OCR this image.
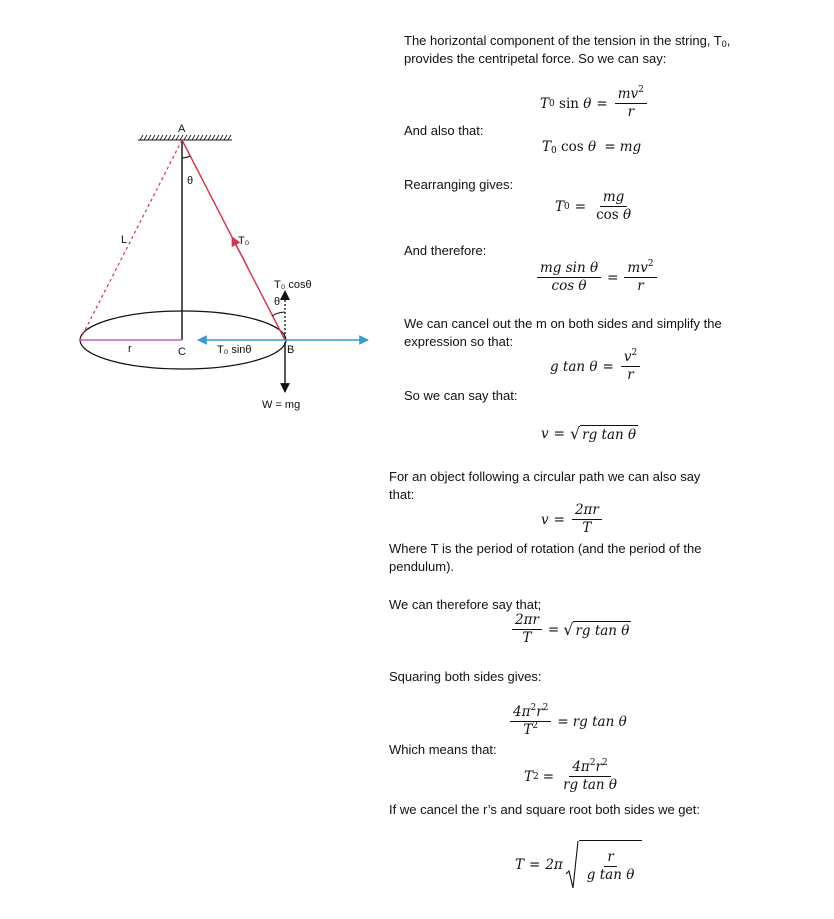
A
θ
L	T₀
T₀ cosθ
θ
r	C	T₀ sinθ	B
W = mg
The horizontal component of the tension in the string, $T_0$,
provides the centripetal force. So we can say:
T 0 $\sin \theta = \frac{mv^2}{r}$
And also that:
$T_0$ cos θ = mg
Rearranging gives:
T $0 = \frac{mg}{\text{cos θ}}$
And therefore:
$\frac{\text{mg sin θ}}{\text{cos θ}} = \frac{mv^2}{r}$
We can cancel out the m on both sides and simplify the
expression so that:
g $\tan \theta = \frac{v^2}{r}$
So we can say that:
v = √ rg tan θ
For an object following a circular path we can also say
that:
$v = \frac{2\pi r}{T}$
Where T is the period of rotation (and the period of the
pendulum).
We can therefore say that;
$\frac{2\pi r}{T}$ = √ rg tan θ
Squaring both sides gives:
$\frac{4\pi^2r^2}{T^2}$ = rg tan θ
Which means that:
T $2 = \frac{4\pi^2r^2}{\text{rg tan θ}}$
If we cancel the r’s and square root both sides we get:
$T = 2\pi \frac{r}{\text{g tan θ}}$
